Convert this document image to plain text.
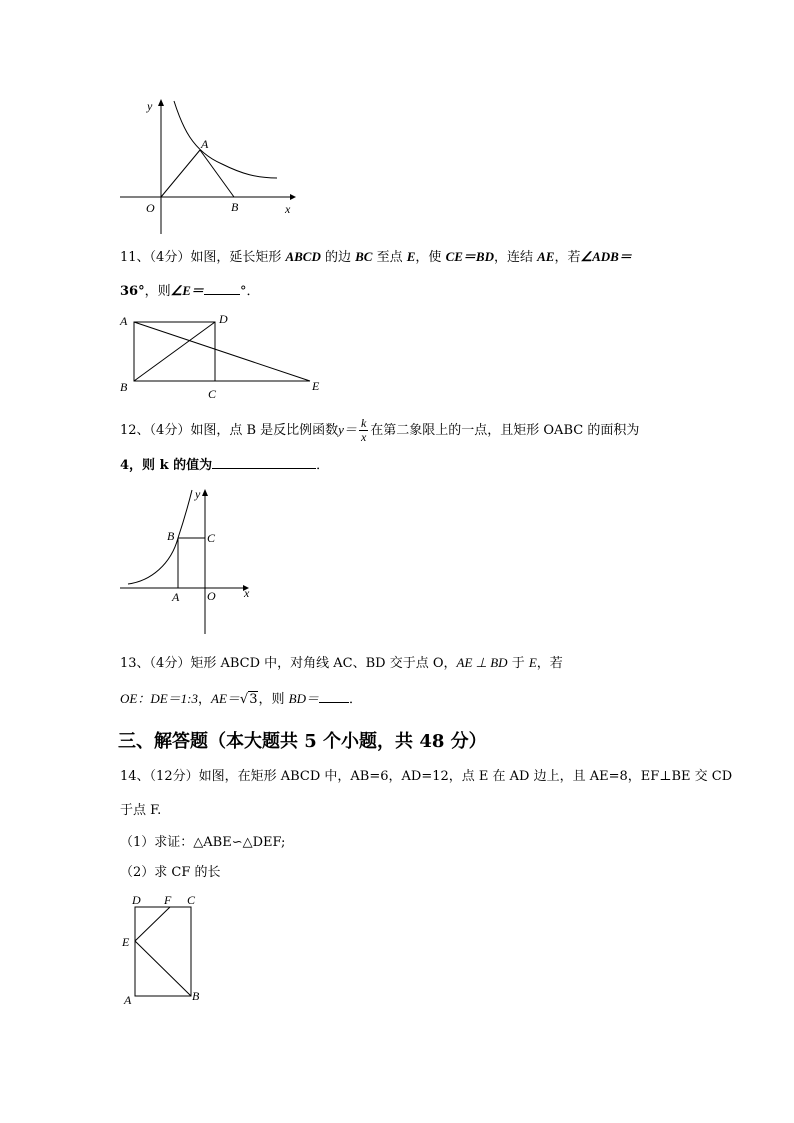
y
A
O	B	x
11、（4分）如图，延长矩形 ABCD 的边 BC 至点 E，使 CE＝BD，连结 AE，若∠ADB＝
36°，则∠E＝	°．
A	D
B	C
E
12、（4分）如图，点 B 是反比例函数$y= \frac{k}{x}$ 在第二象限上的一点，且矩形 OABC 的面积为
4，则 k 的值为	．
y
B	C
A O x
13、（4分）矩形 ABCD 中，对角线 AC、BD 交于点 O，AE ⊥ BD 于 E，若
OE：DE＝1:3，AE＝√3，则 BD＝ ．
三、解答题（本大题共 5 个小题，共 48 分）
14、（12分）如图，在矩形 ABCD 中，AB=6，AD=12，点 E 在 AD 边上，且 AE=8，EF⊥BE 交 CD
于点 F.
（1）求证：△ABE∽△DEF;
（2）求 CF 的长
D F C
E
A	B
